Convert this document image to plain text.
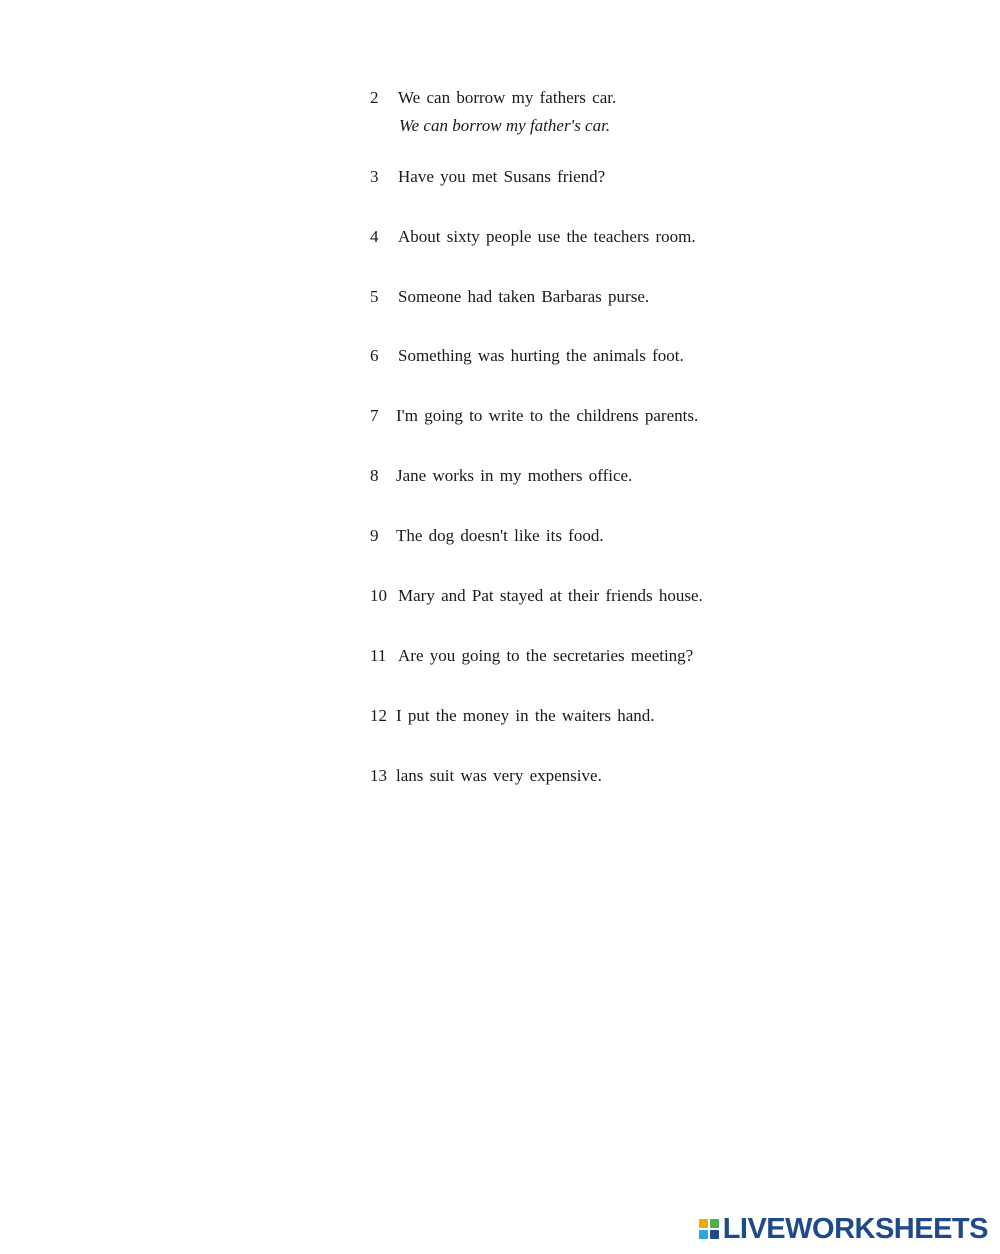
2 We can borrow my fathers car.
We can borrow my father's car.
3 Have you met Susans friend?
4 About sixty people use the teachers room.
5 Someone had taken Barbaras purse.
6 Something was hurting the animals foot.
7 I'm going to write to the childrens parents.
8 Jane works in my mothers office.
9 The dog doesn't like its food.
10 Mary and Pat stayed at their friends house.
11 Are you going to the secretaries meeting?
12 I put the money in the waiters hand.
13 lans suit was very expensive.
LIVEWORKSHEETS
